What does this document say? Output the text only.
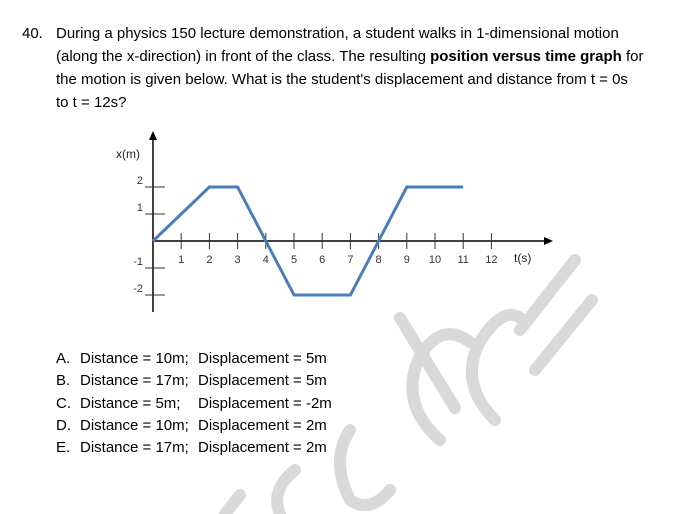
40. During a physics 150 lecture demonstration, a student walks in 1-dimensional motion
(along the x-direction) in front of the class. The resulting position versus time graph for
the motion is given below. What is the student's displacement and distance from t = 0s
to t = 12s?
x(m)
t(s)
1 2 3 4 5 6 7 8 9 10 11 12
2
1
-1
-2
A. Distance = 10m; Displacement = 5m
B. Distance = 17m; Displacement = 5m
C. Distance = 5m;	Displacement = -2m
D. Distance = 10m; Displacement = 2m
E. Distance = 17m; Displacement = 2m
